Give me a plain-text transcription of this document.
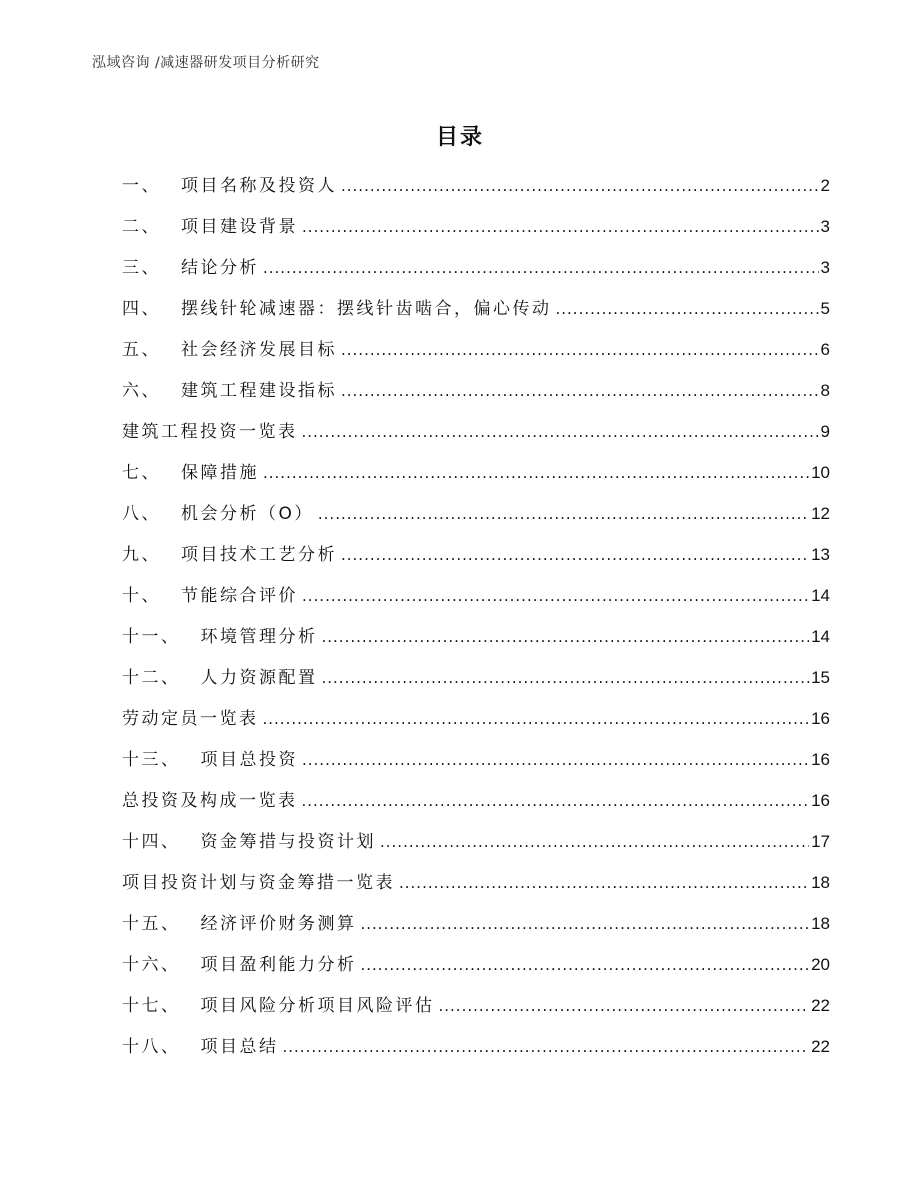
泓域咨询 /减速器研发项目分析研究
目录
一、 项目名称及投资人 .....	2
二、 项目建设背景 .....	3
三、 结论分析 .....	3
四、 摆线针轮减速器：摆线针齿啮合，偏心传动 .....	5
五、 社会经济发展目标 .....	6
六、 建筑工程建设指标 .....	8
建筑工程投资一览表 .....	9
七、 保障措施 .....	10
八、 机会分析（O） .....	12
九、 项目技术工艺分析 .....	13
十、 节能综合评价 .....	14
十一、 环境管理分析 .....	14
十二、 人力资源配置 .....	15
劳动定员一览表 .....	16
十三、 项目总投资 .....	16
总投资及构成一览表 .....	16
十四、 资金筹措与投资计划 .....	17
项目投资计划与资金筹措一览表 .....	18
十五、 经济评价财务测算 .....	18
十六、 项目盈利能力分析 .....	20
十七、 项目风险分析项目风险评估 .....	22
十八、 项目总结 .....	22
